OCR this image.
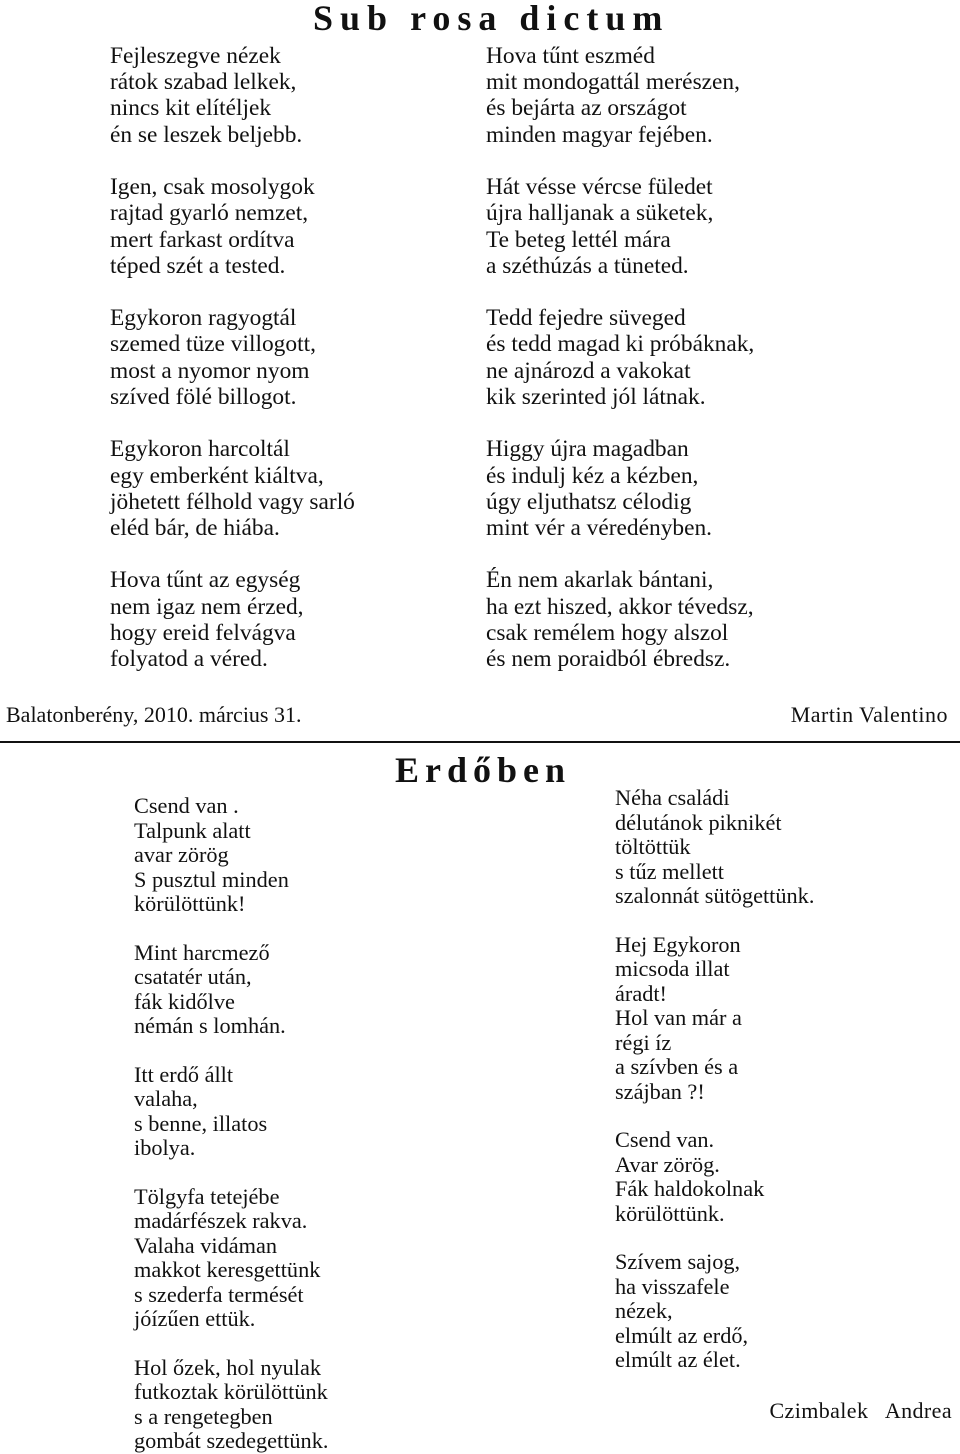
Sub rosa dictum
Fejleszegve nézek
rátok szabad lelkek,
nincs kit elítéljek
én se leszek beljebb.
Igen, csak mosolygok
rajtad gyarló nemzet,
mert farkast ordítva
téped szét a tested.
Egykoron ragyogtál
szemed tüze villogott,
most a nyomor nyom
szíved fölé billogot.
Egykoron harcoltál
egy emberként kiáltva,
jöhetett félhold vagy sarló
eléd bár, de hiába.
Hova tűnt az egység
nem igaz nem érzed,
hogy ereid felvágva
folyatod a véred.
Hova tűnt eszméd
mit mondogattál merészen,
és bejárta az országot
minden magyar fejében.
Hát vésse vércse füledet
újra halljanak a süketek,
Te beteg lettél mára
a széthúzás a tüneted.
Tedd fejedre süveged
és tedd magad ki próbáknak,
ne ajnározd a vakokat
kik szerinted jól látnak.
Higgy újra magadban
és indulj kéz a kézben,
úgy eljuthatsz célodig
mint vér a véredényben.
Én nem akarlak bántani,
ha ezt hiszed, akkor tévedsz,
csak remélem hogy alszol
és nem poraidból ébredsz.
Balatonberény, 2010. március 31.	Martin Valentino
Erdőben
Csend van .
Talpunk alatt
avar zörög
S pusztul minden
körülöttünk!
Mint harcmező
csatatér után,
fák kidőlve
némán s lomhán.
Itt erdő állt
valaha,
s benne, illatos
ibolya.
Tölgyfa tetejébe
madárfészek rakva.
Valaha vidáman
makkot keresgettünk
s szederfa termését
jóízűen ettük.
Hol őzek, hol nyulak
futkoztak körülöttünk
s a rengetegben
gombát szedegettünk.
Néha családi
délutánok piknikét
töltöttük
s tűz mellett
szalonnát sütögettünk.
Hej Egykoron
micsoda illat
áradt!
Hol van már a
régi íz
a szívben és a
szájban ?!
Csend van.
Avar zörög.
Fák haldokolnak
körülöttünk.
Szívem sajog,
ha visszafele
nézek,
elmúlt az erdő,
elmúlt az élet.
Czimbalek   Andrea
